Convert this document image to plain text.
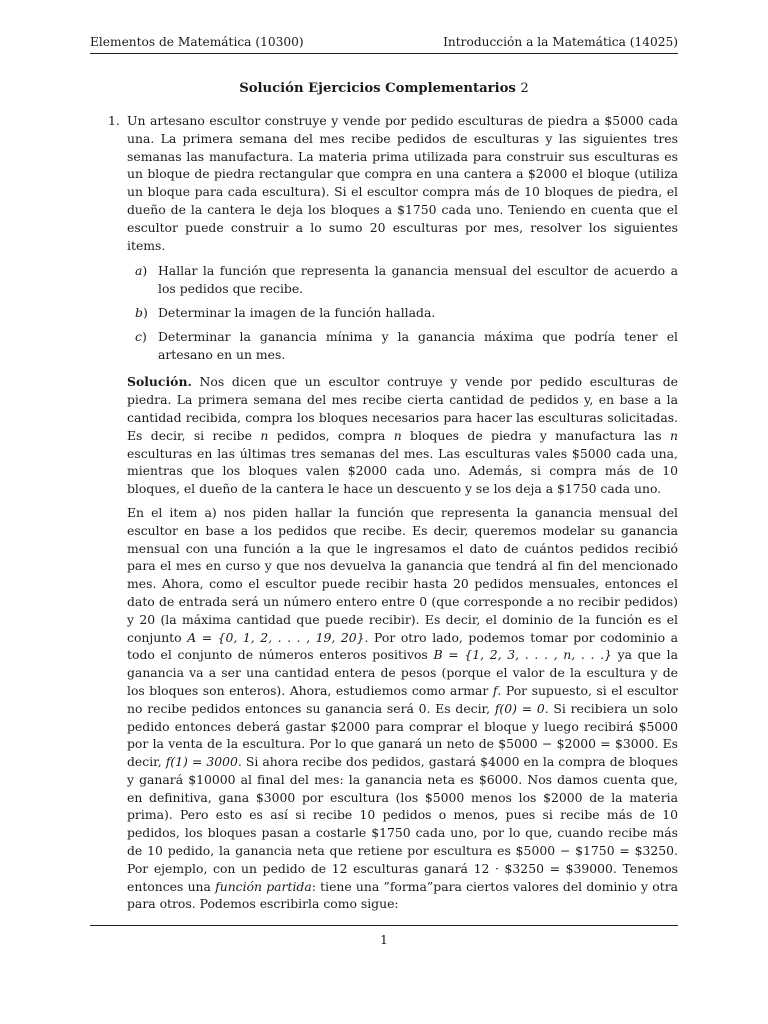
Elementos de Matemática (10300)	Introducción a la Matemática (14025)
Solución Ejercicios Complementarios 2
1. Un artesano escultor construye y vende por pedido esculturas de piedra a $5000 cada una. La primera semana del mes recibe pedidos de esculturas y las siguientes tres semanas las manufactura. La materia prima utilizada para construir sus esculturas es un bloque de piedra rectangular que compra en una cantera a $2000 el bloque (utiliza un bloque para cada escultura). Si el escultor compra más de 10 bloques de piedra, el dueño de la cantera le deja los bloques a $1750 cada uno. Teniendo en cuenta que el escultor puede construir a lo sumo 20 esculturas por mes, resolver los siguientes items.
a) Hallar la función que representa la ganancia mensual del escultor de acuerdo a los pedidos que recibe.
b) Determinar la imagen de la función hallada.
c) Determinar la ganancia mínima y la ganancia máxima que podría tener el artesano en un mes.

Solución. Nos dicen que un escultor contruye y vende por pedido esculturas de piedra. La primera semana del mes recibe cierta cantidad de pedidos y, en base a la cantidad recibida, compra los bloques necesarios para hacer las esculturas solicitadas. Es decir, si recibe n pedidos, compra n bloques de piedra y manufactura las n esculturas en las últimas tres semanas del mes. Las esculturas vales $5000 cada una, mientras que los bloques valen $2000 cada uno. Además, si compra más de 10 bloques, el dueño de la cantera le hace un descuento y se los deja a $1750 cada uno.

En el item a) nos piden hallar la función que representa la ganancia mensual del escultor en base a los pedidos que recibe. Es decir, queremos modelar su ganancia mensual con una función a la que le ingresamos el dato de cuántos pedidos recibió para el mes en curso y que nos devuelva la ganancia que tendrá al fin del mencionado mes. Ahora, como el escultor puede recibir hasta 20 pedidos mensuales, entonces el dato de entrada será un número entero entre 0 (que corresponde a no recibir pedidos) y 20 (la máxima cantidad que puede recibir). Es decir, el dominio de la función es el conjunto A = {0, 1, 2, . . . , 19, 20}. Por otro lado, podemos tomar por codominio a todo el conjunto de números enteros positivos B = {1, 2, 3, . . . , n, . . .} ya que la ganancia va a ser una cantidad entera de pesos (porque el valor de la escultura y de los bloques son enteros). Ahora, estudiemos como armar f. Por supuesto, si el escultor no recibe pedidos entonces su ganancia será 0. Es decir, f(0) = 0. Si recibiera un solo pedido entonces deberá gastar $2000 para comprar el bloque y luego recibirá $5000 por la venta de la escultura. Por lo que ganará un neto de $5000 − $2000 = $3000. Es decir, f(1) = 3000. Si ahora recibe dos pedidos, gastará $4000 en la compra de bloques y ganará $10000 al final del mes: la ganancia neta es $6000. Nos damos cuenta que, en definitiva, gana $3000 por escultura (los $5000 menos los $2000 de la materia prima). Pero esto es así si recibe 10 pedidos o menos, pues si recibe más de 10 pedidos, los bloques pasan a costarle $1750 cada uno, por lo que, cuando recibe más de 10 pedido, la ganancia neta que retiene por escultura es $5000 − $1750 = $3250. Por ejemplo, con un pedido de 12 esculturas ganará 12 · $3250 = $39000. Tenemos entonces una función partida: tiene una ”forma”para ciertos valores del dominio y otra para otros. Podemos escribirla como sigue:

1
